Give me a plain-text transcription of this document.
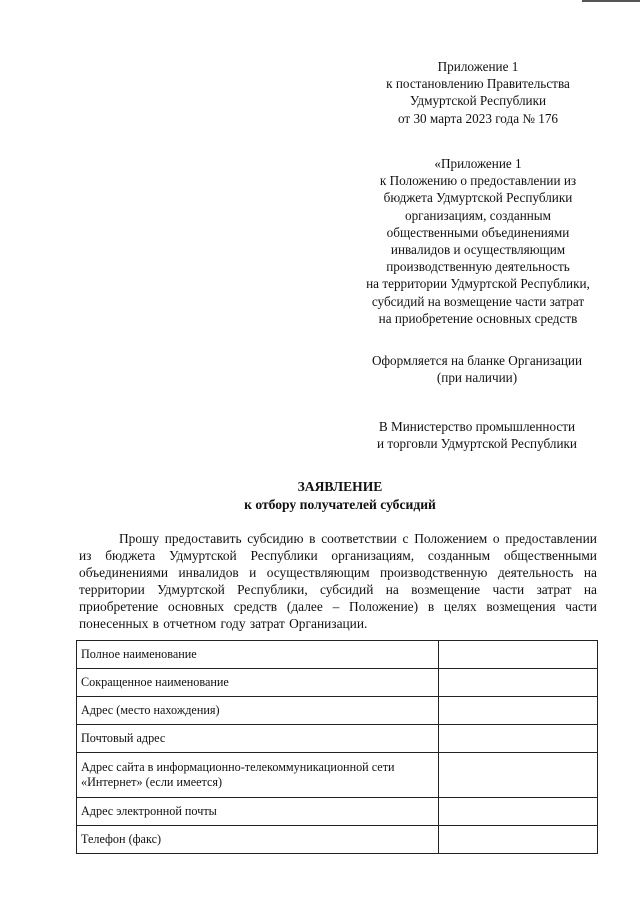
Приложение 1
к постановлению Правительства
Удмуртской Республики
от 30 марта 2023 года № 176
«Приложение 1
к Положению о предоставлении из
бюджета Удмуртской Республики
организациям, созданным
общественными объединениями
инвалидов и осуществляющим
производственную деятельность
на территории Удмуртской Республики,
субсидий на возмещение части затрат
на приобретение основных средств
Оформляется на бланке Организации
(при наличии)
В Министерство промышленности
и торговли Удмуртской Республики
ЗАЯВЛЕНИЕ
к отбору получателей субсидий
Прошу предоставить субсидию в соответствии с Положением о предоставлении
из бюджета Удмуртской Республики организациям, созданным общественными
объединениями инвалидов и осуществляющим производственную деятельность на
территории Удмуртской Республики, субсидий на возмещение части затрат на
приобретение основных средств (далее – Положение) в целях возмещения части
понесенных в отчетном году затрат Организации.
Полное наименование	
Сокращенное наименование	
Адрес (место нахождения)	
Почтовый адрес	
Адрес сайта в информационно-телекоммуникационной сети «Интернет» (если имеется)	
Адрес электронной почты	
Телефон (факс)	
